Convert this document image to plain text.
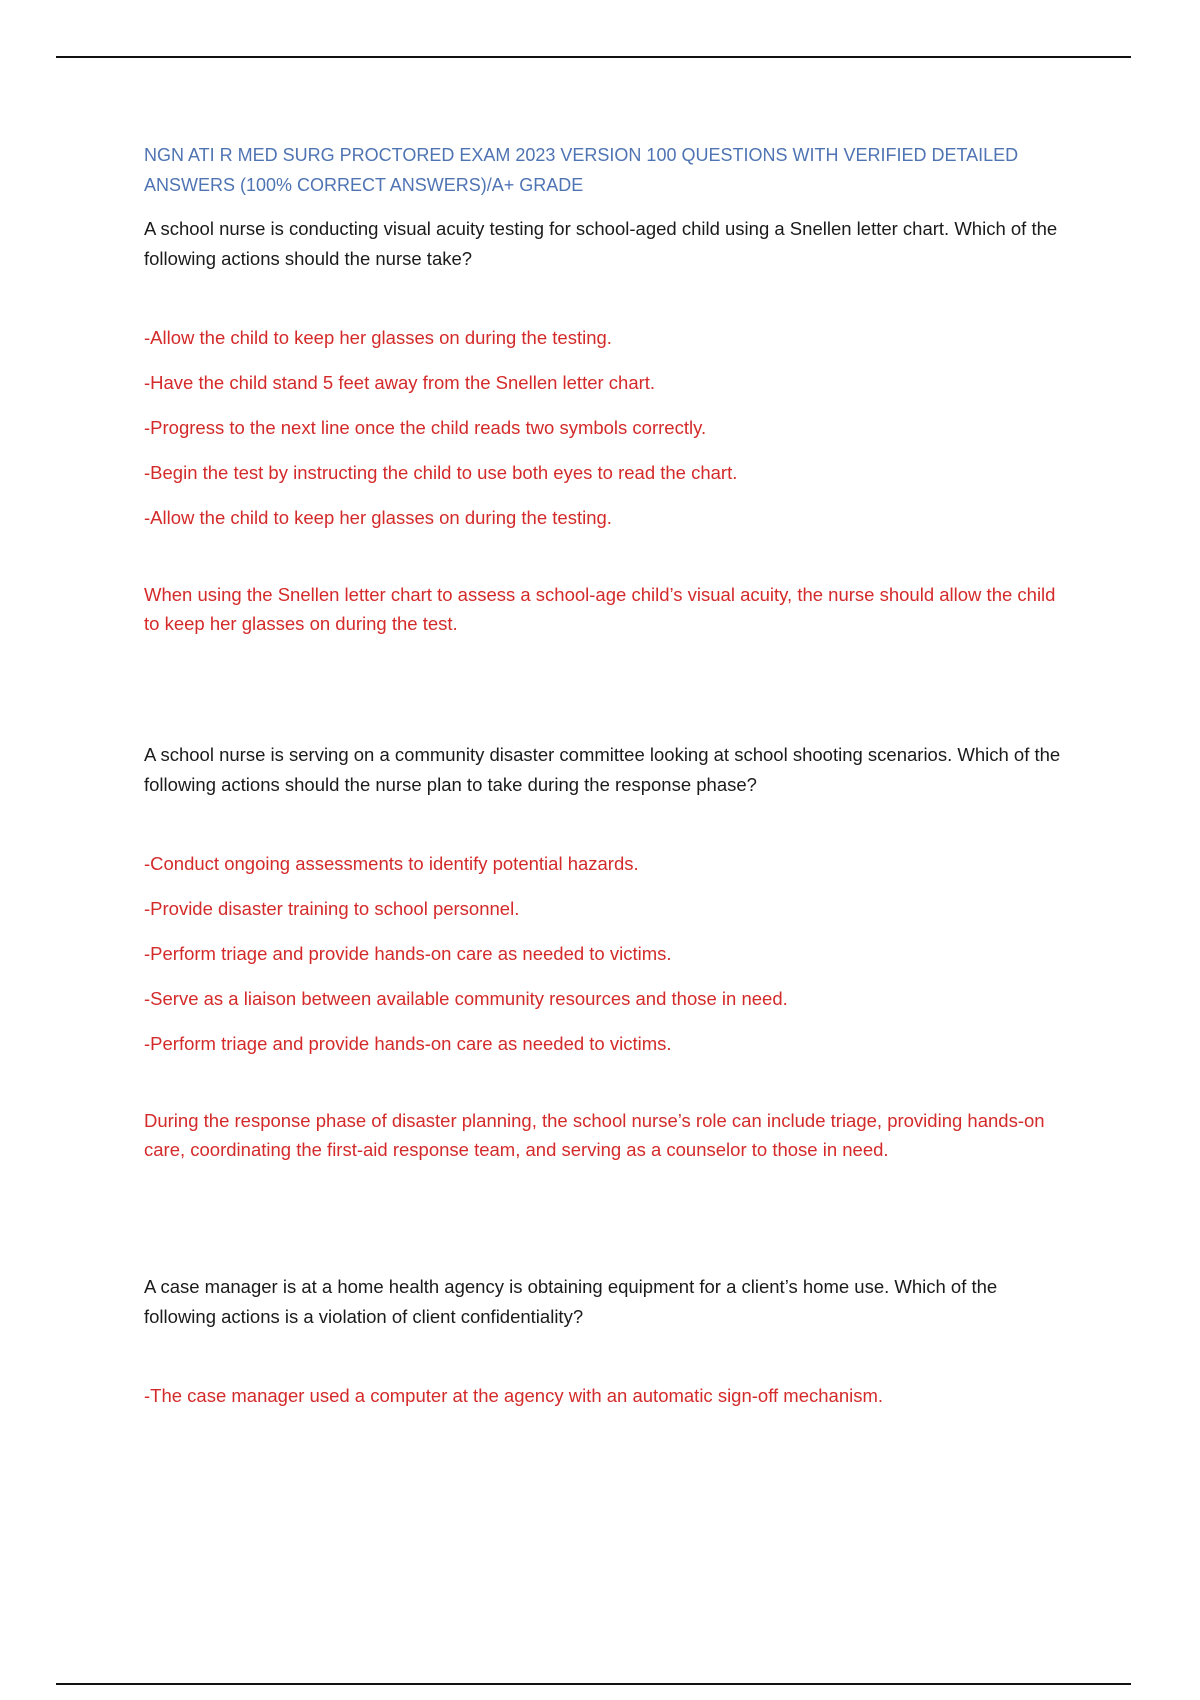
NGN ATI R MED SURG PROCTORED EXAM 2023 VERSION 100 QUESTIONS WITH VERIFIED DETAILED ANSWERS (100% CORRECT ANSWERS)/A+ GRADE

A school nurse is conducting visual acuity testing for school-aged child using a Snellen letter chart. Which of the following actions should the nurse take?

-Allow the child to keep her glasses on during the testing.
-Have the child stand 5 feet away from the Snellen letter chart.
-Progress to the next line once the child reads two symbols correctly.
-Begin the test by instructing the child to use both eyes to read the chart.
-Allow the child to keep her glasses on during the testing.

When using the Snellen letter chart to assess a school-age child’s visual acuity, the nurse should allow the child to keep her glasses on during the test.

A school nurse is serving on a community disaster committee looking at school shooting scenarios. Which of the following actions should the nurse plan to take during the response phase?

-Conduct ongoing assessments to identify potential hazards.
-Provide disaster training to school personnel.
-Perform triage and provide hands-on care as needed to victims.
-Serve as a liaison between available community resources and those in need.
-Perform triage and provide hands-on care as needed to victims.

During the response phase of disaster planning, the school nurse’s role can include triage, providing hands-on care, coordinating the first-aid response team, and serving as a counselor to those in need.

A case manager is at a home health agency is obtaining equipment for a client’s home use. Which of the following actions is a violation of client confidentiality?

-The case manager used a computer at the agency with an automatic sign-off mechanism.
